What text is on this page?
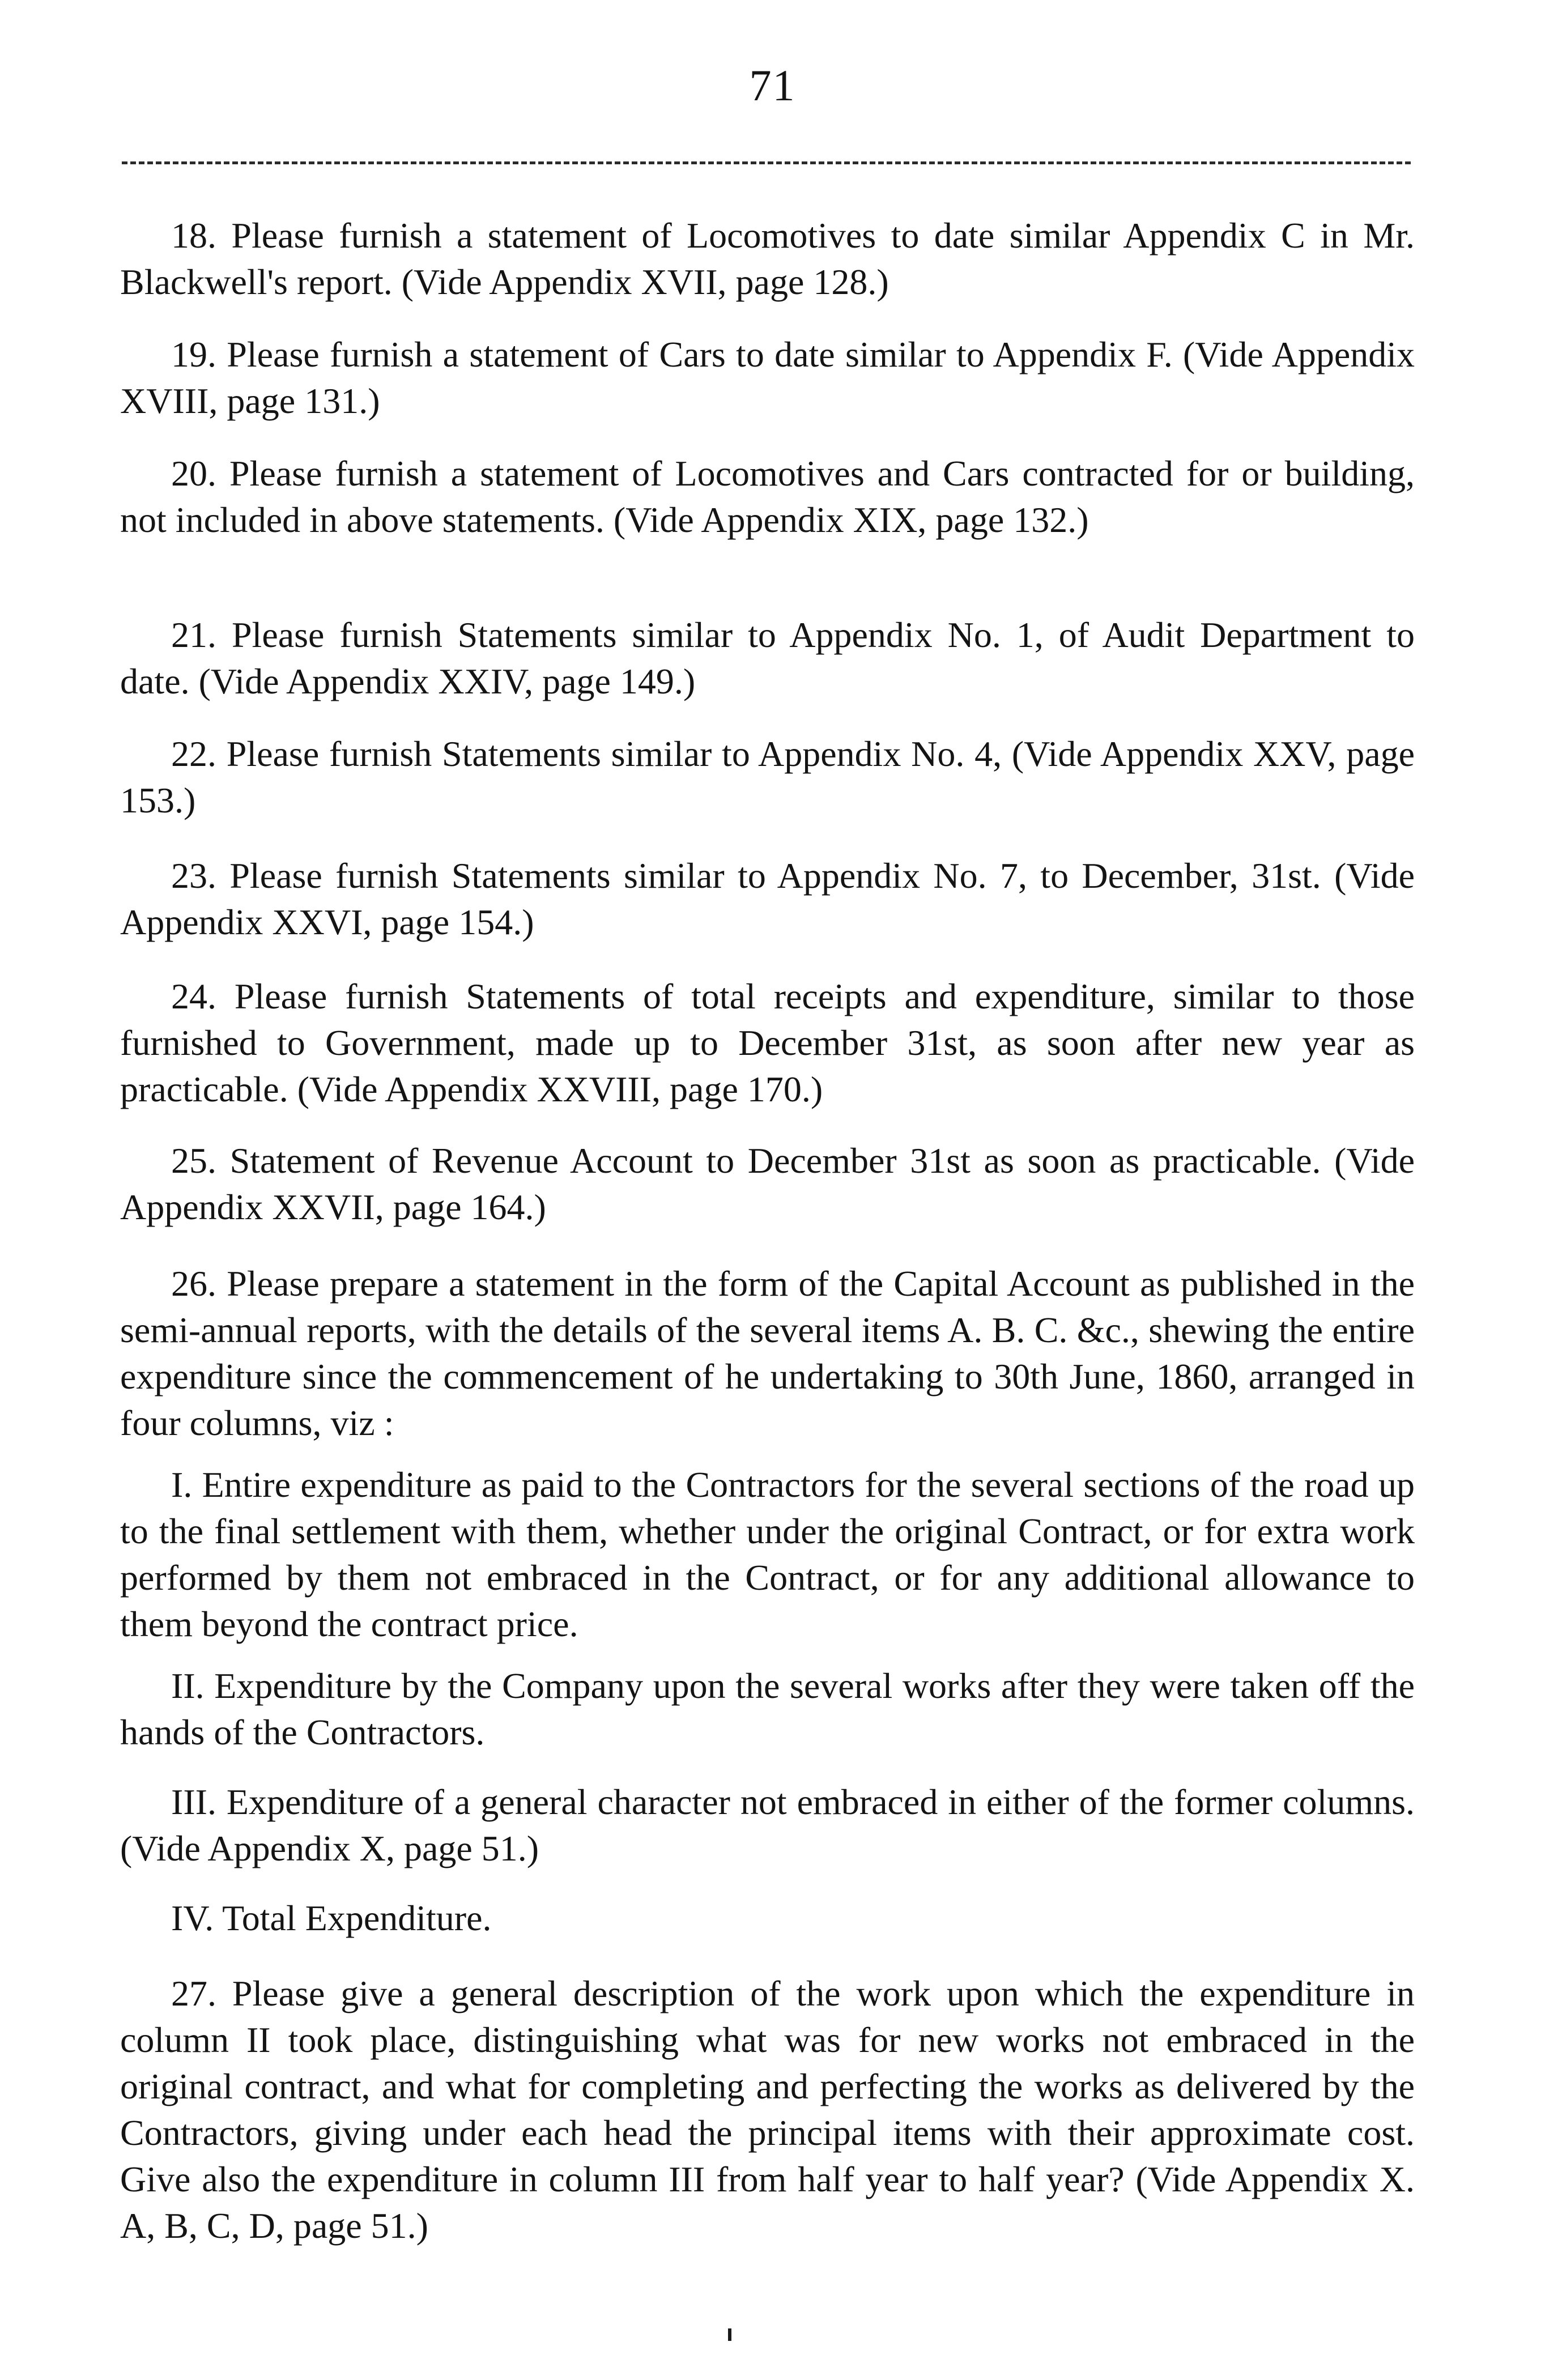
71

18. Please furnish a statement of Locomotives to date similar Appendix C in Mr. Blackwell's report. (Vide Appendix XVII, page 128.)

19. Please furnish a statement of Cars to date similar to Appendix F. (Vide Appendix XVIII, page 131.)

20. Please furnish a statement of Locomotives and Cars contracted for or building, not included in above statements. (Vide Appendix XIX, page 132.)

21. Please furnish Statements similar to Appendix No. 1, of Audit Department to date. (Vide Appendix XXIV, page 149.)

22. Please furnish Statements similar to Appendix No. 4, (Vide Appendix XXV, page 153.)

23. Please furnish Statements similar to Appendix No. 7, to December, 31st. (Vide Appendix XXVI, page 154.)

24. Please furnish Statements of total receipts and expenditure, similar to those furnished to Government, made up to December 31st, as soon after new year as practicable. (Vide Appendix XXVIII, page 170.)

25. Statement of Revenue Account to December 31st as soon as practicable. (Vide Appendix XXVII, page 164.)

26. Please prepare a statement in the form of the Capital Account as published in the semi-annual reports, with the details of the several items A. B. C. &c., shewing the entire expenditure since the commencement of he undertaking to 30th June, 1860, arranged in four columns, viz :

I. Entire expenditure as paid to the Contractors for the several sections of the road up to the final settlement with them, whether under the original Contract, or for extra work performed by them not embraced in the Contract, or for any additional allowance to them beyond the contract price.

II. Expenditure by the Company upon the several works after they were taken off the hands of the Contractors.

III. Expenditure of a general character not embraced in either of the former columns. (Vide Appendix X, page 51.)

IV. Total Expenditure.

27. Please give a general description of the work upon which the expenditure in column II took place, distinguishing what was for new works not embraced in the original contract, and what for completing and perfecting the works as delivered by the Contractors, giving under each head the principal items with their approximate cost. Give also the expenditure in column III from half year to half year? (Vide Appendix X. A, B, C, D, page 51.)
